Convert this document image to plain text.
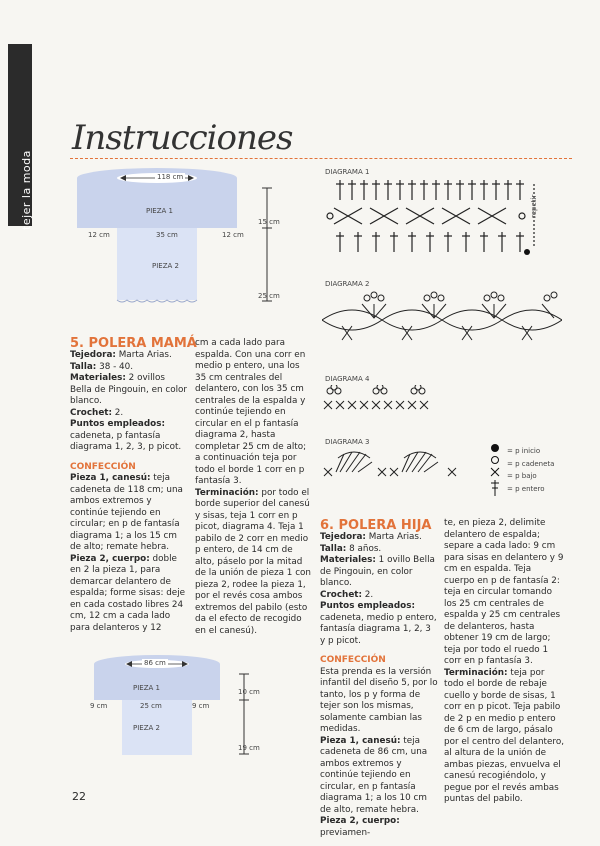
tejer la moda
Instrucciones
118 cm
PIEZA 1
PIEZA 2
12 cm	35 cm	12 cm
15 cm
25 cm
DIAGRAMA 1
repetir
DIAGRAMA 2
DIAGRAMA 4
DIAGRAMA 3
= p inicio
= p cadeneta
= p bajo
= p entero
5. POLERA MAMÁ

Tejedora: Marta Arias.

Talla: 38 - 40.

Materiales: 2 ovillos Bella de Pingouin, en color blanco.

Crochet: 2.

Puntos empleados: cadeneta, p fantasía diagrama 1, 2, 3, p picot.

CONFECCIÓN

Pieza 1, canesú: teja cadeneta de 118 cm; una ambos extremos y continúe tejiendo en circular; en p de fantasía diagrama 1; a los 15 cm de alto; remate hebra.

Pieza 2, cuerpo: doble en 2 la pieza 1, para demarcar delantero de espalda; forme sisas: deje en cada costado libres 24 cm, 12 cm a cada lado para delanteros y 12

cm a cada lado para espalda. Con una corr en medio p entero, una los 35 cm centrales del delantero, con los 35 cm centrales de la espalda y continúe tejiendo en circular en el p fantasía diagrama 2, hasta completar 25 cm de alto; a continuación teja por todo el borde 1 corr en p fantasía 3.

Terminación: por todo el borde superior del canesú y sisas, teja 1 corr en p picot, diagrama 4. Teja 1 pabilo de 2 corr en medio p entero, de 14 cm de alto, páselo por la mitad de la unión de pieza 1 con pieza 2, rodee la pieza 1, por el revés cosa ambos extremos del pabilo (esto da el efecto de recogido en el canesú).

86 cm
PIEZA 1
PIEZA 2
9 cm	25 cm	9 cm
10 cm
19 cm
6. POLERA HIJA

Tejedora: Marta Arias.

Talla: 8 años.

Materiales: 1 ovillo Bella de Pingouin, en color blanco.

Crochet: 2.

Puntos empleados: cadeneta, medio p entero, fantasía diagrama 1, 2, 3 y p picot.

CONFECCIÓN

Esta prenda es la versión infantil del diseño 5, por lo tanto, los p y forma de tejer son los mismas, solamente cambian las medidas.

Pieza 1, canesú: teja cadeneta de 86 cm, una ambos extremos y continúe tejiendo en circular, en p fantasía diagrama 1; a los 10 cm de alto, remate hebra.

Pieza 2, cuerpo: previamen-

te, en pieza 2, delimite delantero de espalda; separe a cada lado: 9 cm para sisas en delantero y 9 cm en espalda. Teja cuerpo en p de fantasía 2: teja en circular tomando los 25 cm centrales de espalda y 25 cm centrales de delanteros, hasta obtener 19 cm de largo; teja por todo el ruedo 1 corr en p fantasía 3.

Terminación: teja por todo el borde de rebaje cuello y borde de sisas, 1 corr en p picot. Teja pabilo de 2 p en medio p entero de 6 cm de largo, pásalo por el centro del delantero, al altura de la unión de ambas piezas, envuelva el canesú recogiéndolo, y pegue por el revés ambas puntas del pabilo.

22
